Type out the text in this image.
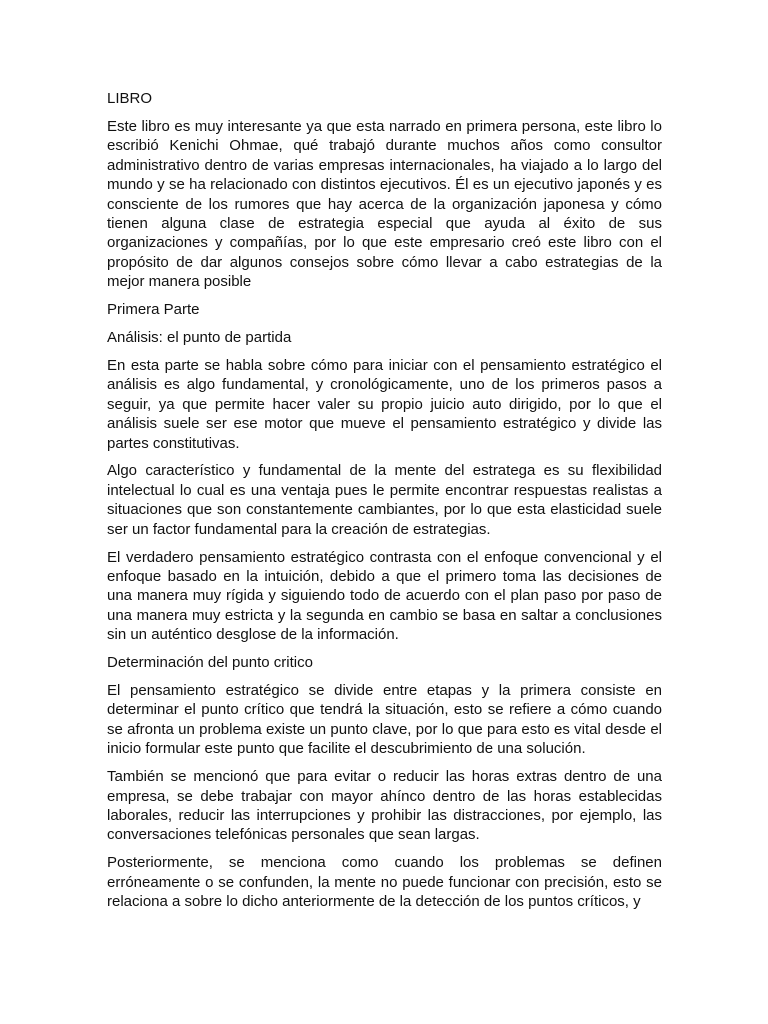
LIBRO

Este libro es muy interesante ya que esta narrado en primera persona, este libro lo escribió Kenichi Ohmae, qué trabajó durante muchos años como consultor administrativo dentro de varias empresas internacionales, ha viajado a lo largo del mundo y se ha relacionado con distintos ejecutivos. Él es un ejecutivo japonés y es consciente de los rumores que hay acerca de la organización japonesa y cómo tienen alguna clase de estrategia especial que ayuda al éxito de sus organizaciones y compañías, por lo que este empresario creó este libro con el propósito de dar algunos consejos sobre cómo llevar a cabo estrategias de la mejor manera posible

Primera Parte

Análisis: el punto de partida

En esta parte se habla sobre cómo para iniciar con el pensamiento estratégico el análisis es algo fundamental, y cronológicamente, uno de los primeros pasos a seguir, ya que permite hacer valer su propio juicio auto dirigido, por lo que el análisis suele ser ese motor que mueve el pensamiento estratégico y divide las partes constitutivas.

Algo característico y fundamental de la mente del estratega es su flexibilidad intelectual lo cual es una ventaja pues le permite encontrar respuestas realistas a situaciones que son constantemente cambiantes, por lo que esta elasticidad suele ser un factor fundamental para la creación de estrategias.

El verdadero pensamiento estratégico contrasta con el enfoque convencional y el enfoque basado en la intuición, debido a que el primero toma las decisiones de una manera muy rígida y siguiendo todo de acuerdo con el plan paso por paso de una manera muy estricta y la segunda en cambio se basa en saltar a conclusiones sin un auténtico desglose de la información.

Determinación del punto critico

El pensamiento estratégico se divide entre etapas y la primera consiste en determinar el punto crítico que tendrá la situación, esto se refiere a cómo cuando se afronta un problema existe un punto clave, por lo que para esto es vital desde el inicio formular este punto que facilite el descubrimiento de una solución.

También se mencionó que para evitar o reducir las horas extras dentro de una empresa, se debe trabajar con mayor ahínco dentro de las horas establecidas laborales, reducir las interrupciones y prohibir las distracciones, por ejemplo, las conversaciones telefónicas personales que sean largas.

Posteriormente, se menciona como cuando los problemas se definen erróneamente o se confunden, la mente no puede funcionar con precisión, esto se relaciona a sobre lo dicho anteriormente de la detección de los puntos críticos, y
